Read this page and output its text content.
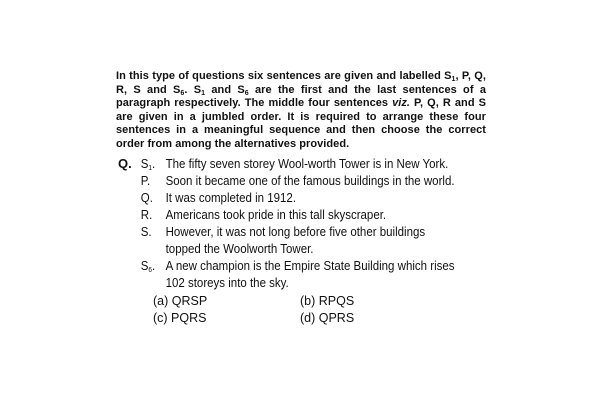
In this type of questions six sentences are given and labelled $S_1$, P, Q, R, S and $S_6$. $S_1$ and $S_6$ are the first and the last sentences of a paragraph respectively. The middle four sentences viz. P, Q, R and S are given in a jumbled order. It is required to arrange these four sentences in a meaningful sequence and then choose the correct order from among the alternatives provided.

Q. $S_1$. The fifty seven storey Wool-worth Tower is in New York.
P. Soon it became one of the famous buildings in the world.
Q. It was completed in 1912.
R. Americans took pride in this tall skyscraper.
S. However, it was not long before five other buildings
topped the Woolworth Tower.
$S_6$. A new champion is the Empire State Building which rises
102 storeys into the sky.
(a) QRSP	(b) RPQS
(c) PQRS	(d) QPRS
